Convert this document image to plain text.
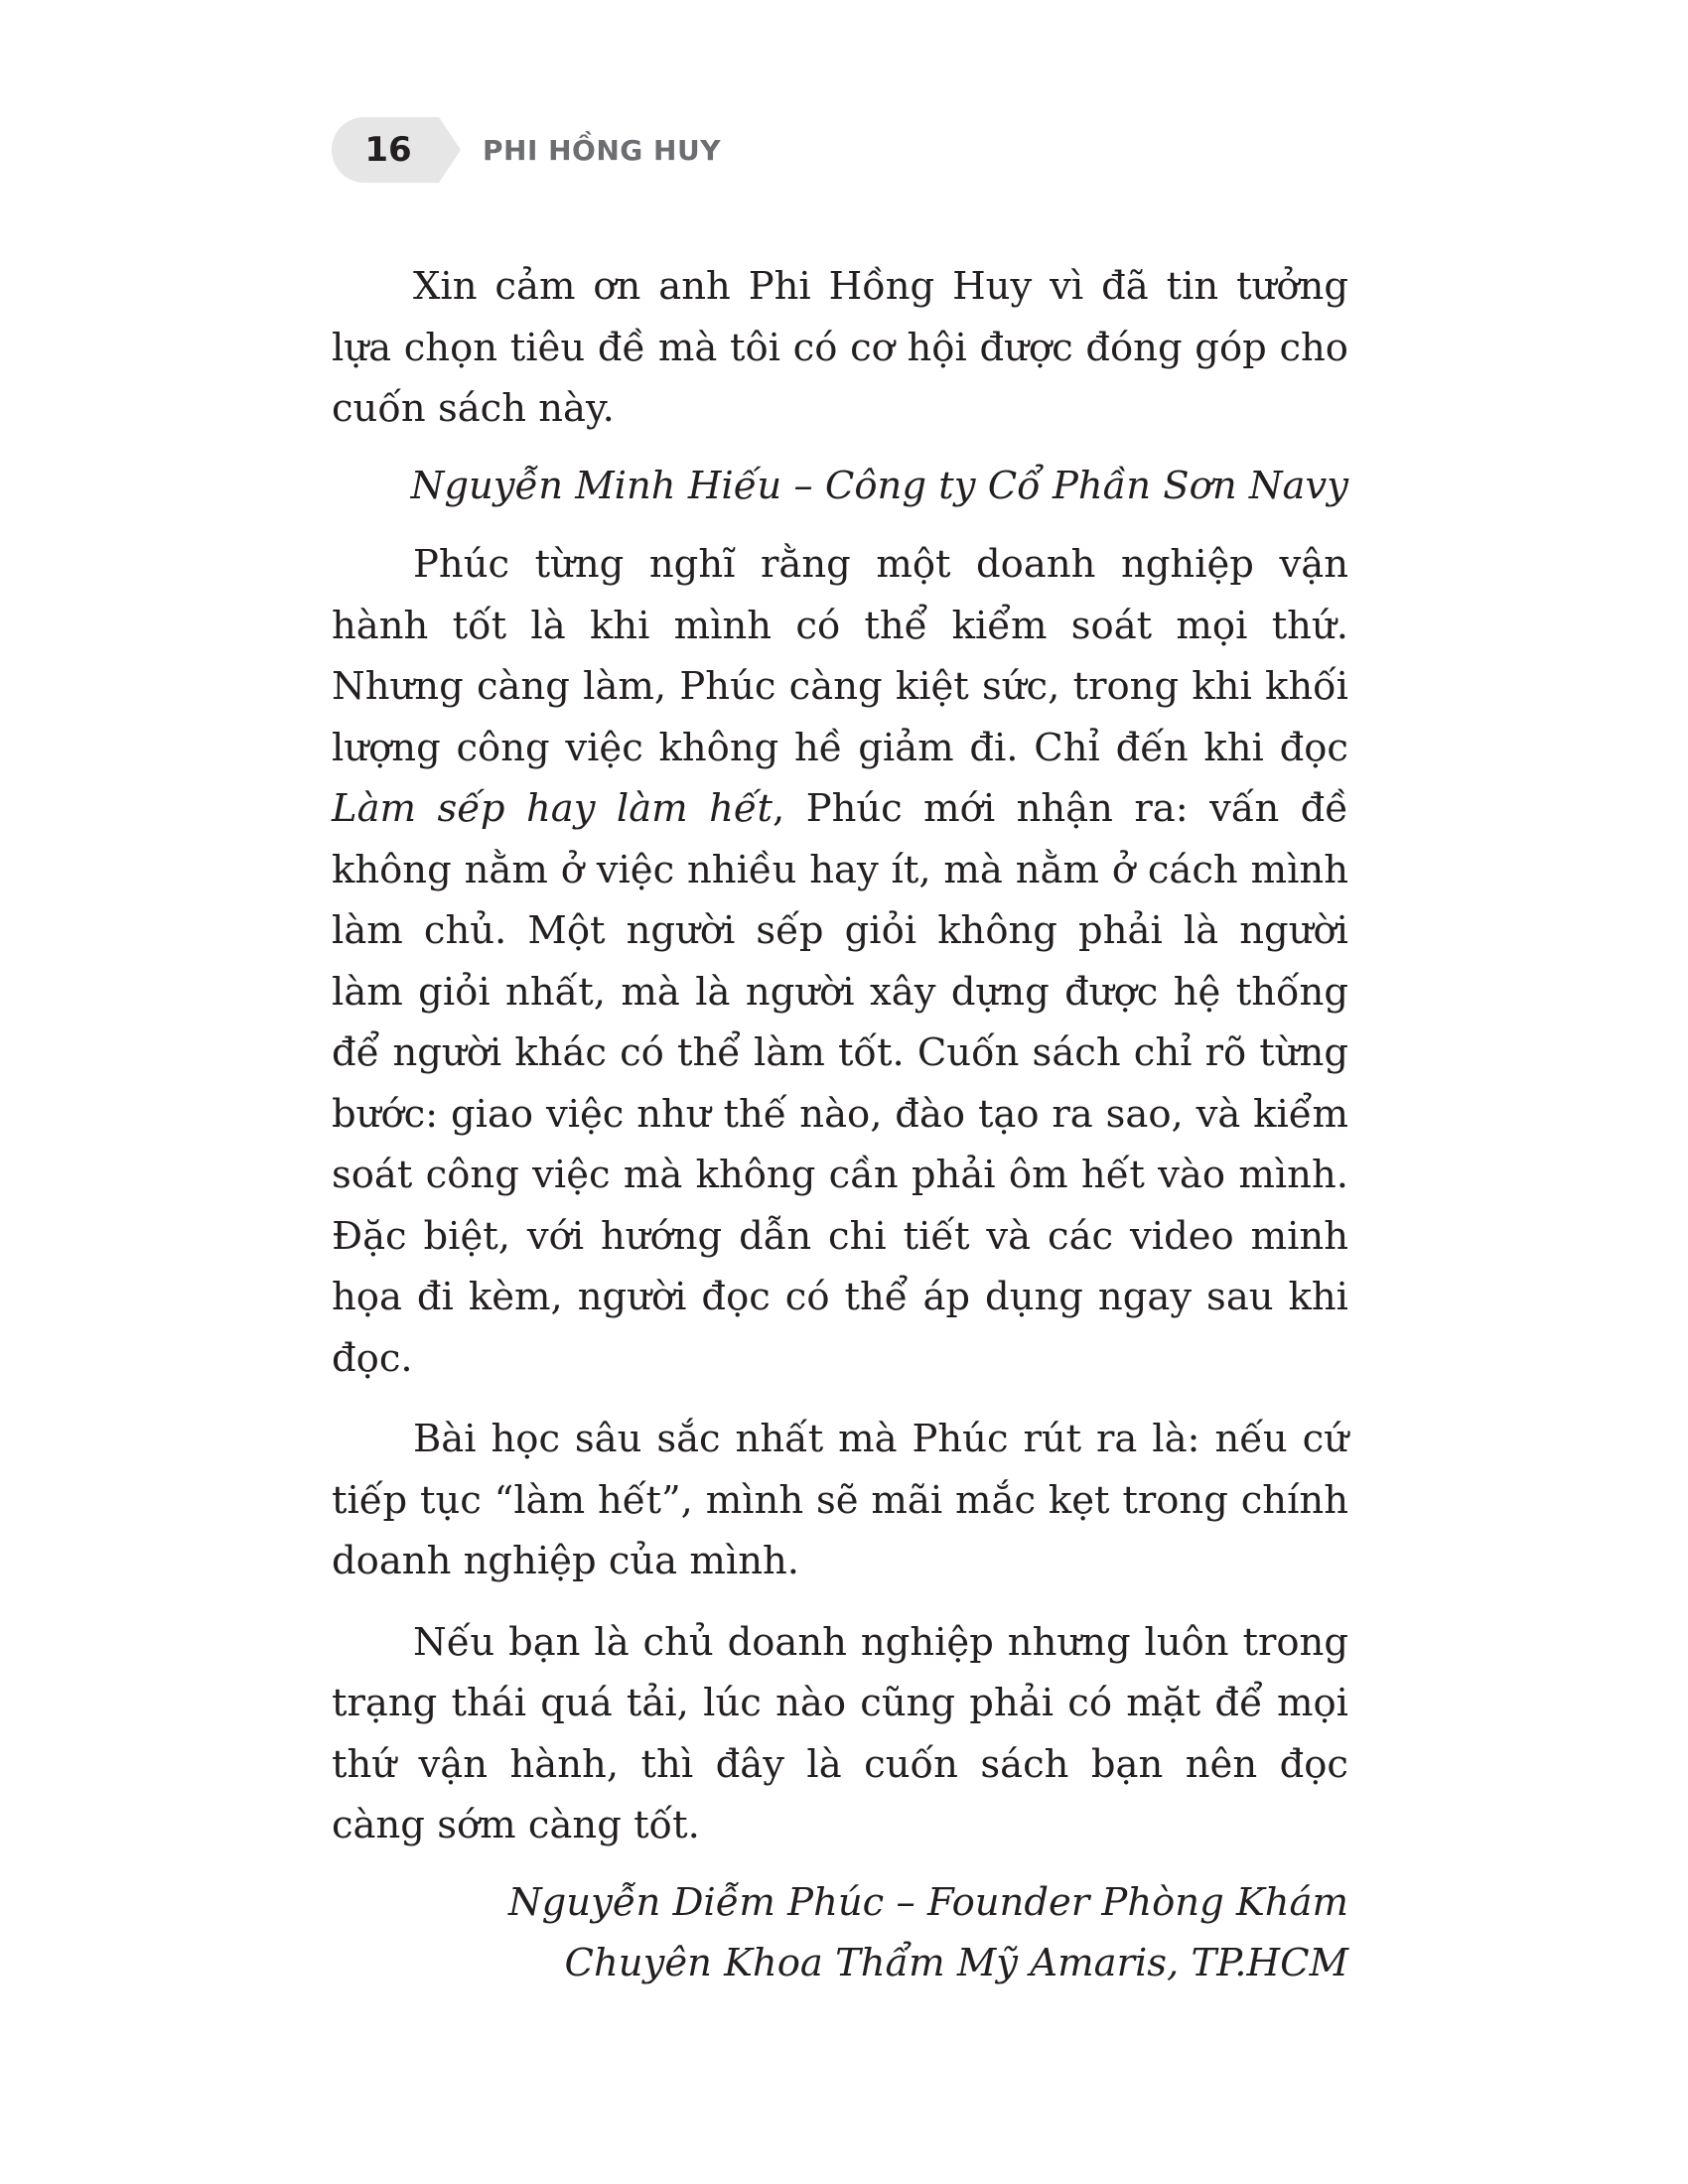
16	PHI HỒNG HUY

Xin cảm ơn anh Phi Hồng Huy vì đã tin tưởng lựa chọn tiêu đề mà tôi có cơ hội được đóng góp cho cuốn sách này.

Nguyễn Minh Hiếu – Công ty Cổ Phần Sơn Navy

Phúc từng nghĩ rằng một doanh nghiệp vận hành tốt là khi mình có thể kiểm soát mọi thứ. Nhưng càng làm, Phúc càng kiệt sức, trong khi khối lượng công việc không hề giảm đi. Chỉ đến khi đọc Làm sếp hay làm hết, Phúc mới nhận ra: vấn đề không nằm ở việc nhiều hay ít, mà nằm ở cách mình làm chủ. Một người sếp giỏi không phải là người làm giỏi nhất, mà là người xây dựng được hệ thống để người khác có thể làm tốt. Cuốn sách chỉ rõ từng bước: giao việc như thế nào, đào tạo ra sao, và kiểm soát công việc mà không cần phải ôm hết vào mình. Đặc biệt, với hướng dẫn chi tiết và các video minh họa đi kèm, người đọc có thể áp dụng ngay sau khi đọc.

Bài học sâu sắc nhất mà Phúc rút ra là: nếu cứ tiếp tục “làm hết”, mình sẽ mãi mắc kẹt trong chính doanh nghiệp của mình.

Nếu bạn là chủ doanh nghiệp nhưng luôn trong trạng thái quá tải, lúc nào cũng phải có mặt để mọi thứ vận hành, thì đây là cuốn sách bạn nên đọc càng sớm càng tốt.

Nguyễn Diễm Phúc – Founder Phòng Khám
Chuyên Khoa Thẩm Mỹ Amaris, TP.HCM
